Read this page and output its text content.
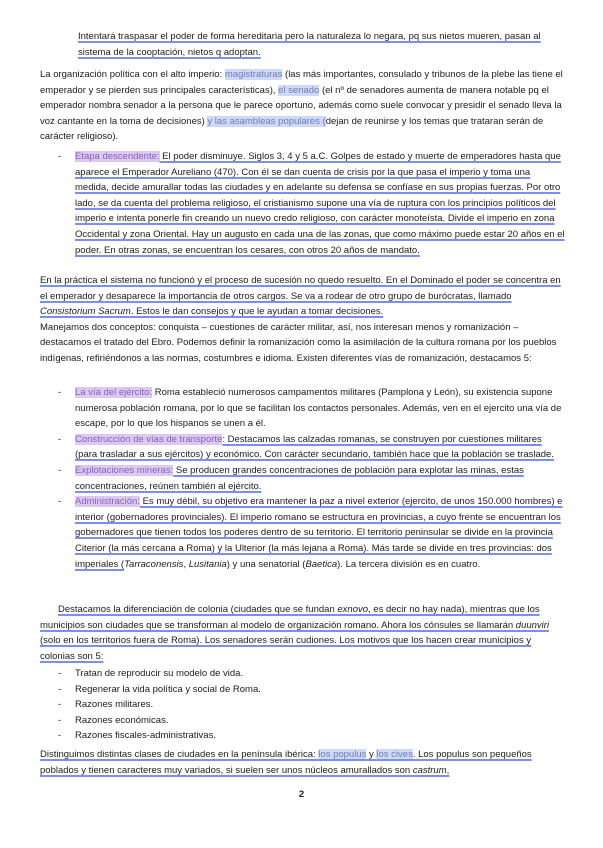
Intentará traspasar el poder de forma hereditaria pero la naturaleza lo negara, pq sus nietos mueren, pasan al sistema de la cooptación, nietos q adoptan.

La organización política con el alto imperio: magistraturas (las más importantes, consulado y tribunos de la plebe las tiene el emperador y se pierden sus principales características), el senado (el nº de senadores aumenta de manera notable pq el emperador nombra senador a la persona que le parece oportuno, además como suele convocar y presidir el senado lleva la voz cantante en la toma de decisiones) y las asambleas populares (dejan de reunirse y los temas que trataran serán de carácter religioso).

- Etapa descendente: El poder disminuye. Siglos 3, 4 y 5 a.C. Golpes de estado y muerte de emperadores hasta que aparece el Emperador Aureliano (470). Con él se dan cuenta de crisis por la que pasa el imperio y toma una medida, decide amurallar todas las ciudades y en adelante su defensa se confíase en sus propias fuerzas. Por otro lado, se da cuenta del problema religioso, el cristianismo supone una vía de ruptura con los principios políticos del imperio e intenta ponerle fin creando un nuevo credo religioso, con carácter monoteísta. Divide el imperio en zona Occidental y zona Oriental. Hay un augusto en cada una de las zonas, que como máximo puede estar 20 años en el poder. En otras zonas, se encuentran los cesares, con otros 20 años de mandato.

En la práctica el sistema no funcionó y el proceso de sucesión no quedo resuelto. En el Dominado el poder se concentra en el emperador y desaparece la importancia de otros cargos. Se va a rodear de otro grupo de burócratas, llamado Consistorium Sacrum. Estos le dan consejos y que le ayudan a tomar decisiones.

Manejamos dos conceptos: conquista – cuestiones de carácter militar, así, nos interesan menos y romanización – destacamos el tratado del Ebro. Podemos definir la romanización como la asimilación de la cultura romana por los pueblos indígenas, refiriéndonos a las normas, costumbres e idioma. Existen diferentes vías de romanización, destacamos 5:

- La vía del ejército: Roma estableció numerosos campamentos militares (Pamplona y León), su existencia supone numerosa población romana, por lo que se facilitan los contactos personales. Además, ven en el ejercito una vía de escape, por lo que los hispanos se unen a él.
- Construcción de vías de transporte: Destacamos las calzadas romanas, se construyen por cuestiones militares (para trasladar a sus ejércitos) y económico. Con carácter secundario, también hace que la población se traslade.
- Explotaciones mineras: Se producen grandes concentraciones de población para explotar las minas, estas concentraciones, reúnen también al ejército.
- Administración: Es muy débil, su objetivo era mantener la paz a nivel exterior (ejercito, de unos 150.000 hombres) e interior (gobernadores provinciales). El imperio romano se estructura en provincias, a cuyo frente se encuentran los gobernadores que tienen todos los poderes dentro de su territorio. El territorio peninsular se divide en la provincia Citerior (la más cercana a Roma) y la Ulterior (la más lejana a Roma). Más tarde se divide en tres provincias: dos imperiales (Tarraconensis, Lusitania) y una senatorial (Baetica). La tercera división es en cuatro.

Destacamos la diferenciación de colonia (ciudades que se fundan exnovo, es decir no hay nada), mientras que los municipios son ciudades que se transforman al modelo de organización romano. Ahora los cónsules se llamarán duunviri (solo en los territorios fuera de Roma). Los senadores serán cudiones. Los motivos que los hacen crear municipios y colonias son 5:

- Tratan de reproducir su modelo de vida.
- Regenerar la vida política y social de Roma.
- Razones militares.
- Razones económicas.
- Razones fiscales-administrativas.

Distinguimos distintas clases de ciudades en la península ibérica: los populus y los cives. Los populus son pequeños poblados y tienen caracteres muy variados, si suelen ser unos núcleos amurallados son castrum,

2
